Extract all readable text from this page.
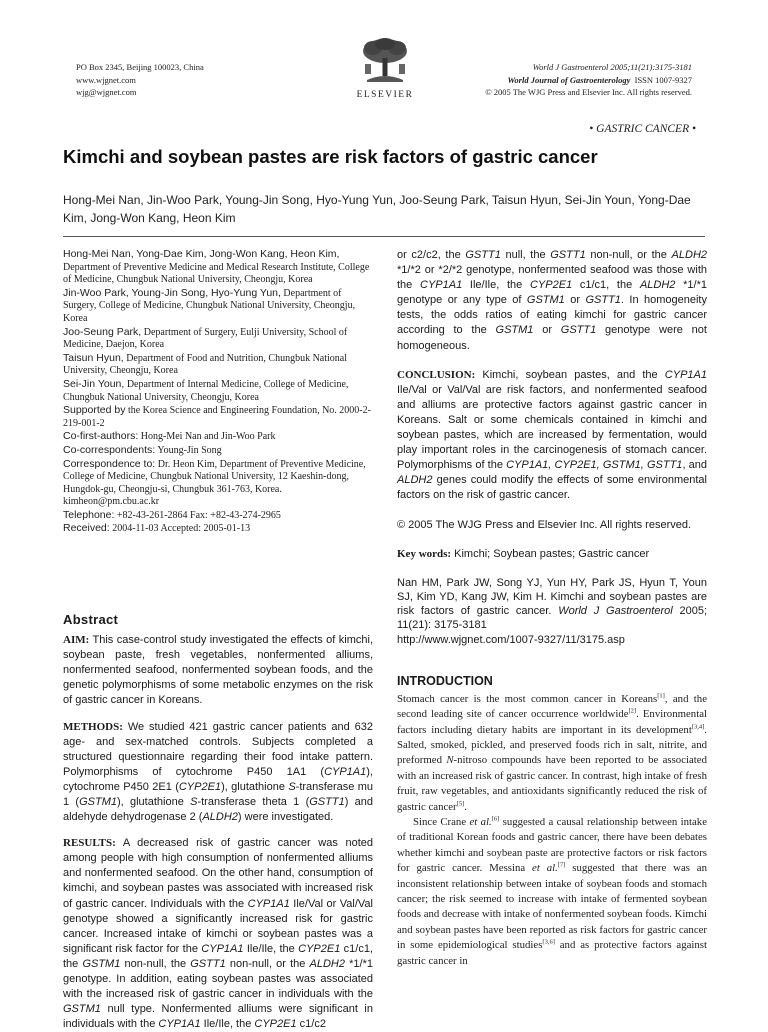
PO Box 2345, Beijing 100023, China
www.wjgnet.com
wjg@wjgnet.com	ELSEVIER
World J Gastroenterol 2005;11(21):3175-3181
World Journal of Gastroenterology ISSN 1007-9327
© 2005 The WJG Press and Elsevier Inc. All rights reserved.
• GASTRIC CANCER •
Kimchi and soybean pastes are risk factors of gastric cancer
Hong-Mei Nan, Jin-Woo Park, Young-Jin Song, Hyo-Yung Yun, Joo-Seung Park, Taisun Hyun, Sei-Jin Youn, Yong-Dae Kim, Jong-Won Kang, Heon Kim

Hong-Mei Nan, Yong-Dae Kim, Jong-Won Kang, Heon Kim, Department of Preventive Medicine and Medical Research Institute, College of Medicine, Chungbuk National University, Cheongju, Korea

Jin-Woo Park, Young-Jin Song, Hyo-Yung Yun, Department of Surgery, College of Medicine, Chungbuk National University, Cheongju, Korea

Joo-Seung Park, Department of Surgery, Eulji University, School of Medicine, Daejon, Korea

Taisun Hyun, Department of Food and Nutrition, Chungbuk National University, Cheongju, Korea

Sei-Jin Youn, Department of Internal Medicine, College of Medicine, Chungbuk National University, Cheongju, Korea

Supported by the Korea Science and Engineering Foundation, No. 2000-2-219-001-2

Co-first-authors: Hong-Mei Nan and Jin-Woo Park

Co-correspondents: Young-Jin Song

Correspondence to: Dr. Heon Kim, Department of Preventive Medicine, College of Medicine, Chungbuk National University, 12 Kaeshin-dong, Hungdok-gu, Cheongju-si, Chungbuk 361-763, Korea. kimheon@pm.cbu.ac.kr

Telephone: +82-43-261-2864 Fax: +82-43-274-2965

Received: 2004-11-03 Accepted: 2005-01-13

Abstract

AIM: This case-control study investigated the effects of kimchi, soybean paste, fresh vegetables, nonfermented alliums, nonfermented seafood, nonfermented soybean foods, and the genetic polymorphisms of some metabolic enzymes on the risk of gastric cancer in Koreans.

METHODS: We studied 421 gastric cancer patients and 632 age- and sex-matched controls. Subjects completed a structured questionnaire regarding their food intake pattern. Polymorphisms of cytochrome P450 1A1 (CYP1A1), cytochrome P450 2E1 (CYP2E1), glutathione S-transferase mu 1 (GSTM1), glutathione S-transferase theta 1 (GSTT1) and aldehyde dehydrogenase 2 (ALDH2) were investigated.

RESULTS: A decreased risk of gastric cancer was noted among people with high consumption of nonfermented alliums and nonfermented seafood. On the other hand, consumption of kimchi, and soybean pastes was associated with increased risk of gastric cancer. Individuals with the CYP1A1 Ile/Val or Val/Val genotype showed a significantly increased risk for gastric cancer. Increased intake of kimchi or soybean pastes was a significant risk factor for the CYP1A1 Ile/Ile, the CYP2E1 c1/c1, the GSTM1 non-null, the GSTT1 non-null, or the ALDH2 *1/*1 genotype. In addition, eating soybean pastes was associated with the increased risk of gastric cancer in individuals with the GSTM1 null type. Nonfermented alliums were significant in individuals with the CYP1A1 Ile/Ile, the CYP2E1 c1/c2

or c2/c2, the GSTT1 null, the GSTT1 non-null, or the ALDH2 *1/*2 or *2/*2 genotype, nonfermented seafood was those with the CYP1A1 Ile/Ile, the CYP2E1 c1/c1, the ALDH2 *1/*1 genotype or any type of GSTM1 or GSTT1. In homogeneity tests, the odds ratios of eating kimchi for gastric cancer according to the GSTM1 or GSTT1 genotype were not homogeneous.

CONCLUSION: Kimchi, soybean pastes, and the CYP1A1 Ile/Val or Val/Val are risk factors, and nonfermented seafood and alliums are protective factors against gastric cancer in Koreans. Salt or some chemicals contained in kimchi and soybean pastes, which are increased by fermentation, would play important roles in the carcinogenesis of stomach cancer. Polymorphisms of the CYP1A1, CYP2E1, GSTM1, GSTT1, and ALDH2 genes could modify the effects of some environmental factors on the risk of gastric cancer.

© 2005 The WJG Press and Elsevier Inc. All rights reserved.

Key words: Kimchi; Soybean pastes; Gastric cancer

Nan HM, Park JW, Song YJ, Yun HY, Park JS, Hyun T, Youn SJ, Kim YD, Kang JW, Kim H. Kimchi and soybean pastes are risk factors of gastric cancer. World J Gastroenterol 2005; 11(21): 3175-3181
http://www.wjgnet.com/1007-9327/11/3175.asp

INTRODUCTION
Stomach cancer is the most common cancer in Koreans[1], and the second leading site of cancer occurrence worldwide[2]. Environmental factors including dietary habits are important in its development[3,4]. Salted, smoked, pickled, and preserved foods rich in salt, nitrite, and preformed N-nitroso compounds have been reported to be associated with an increased risk of gastric cancer. In contrast, high intake of fresh fruit, raw vegetables, and antioxidants significantly reduced the risk of gastric cancer[5].
Since Crane et al.[6] suggested a causal relationship between intake of traditional Korean foods and gastric cancer, there have been debates whether kimchi and soybean paste are protective factors or risk factors for gastric cancer. Messina et al.[7] suggested that there was an inconsistent relationship between intake of soybean foods and stomach cancer; the risk seemed to increase with intake of fermented soybean foods and decrease with intake of nonfermented soybean foods. Kimchi and soybean pastes have been reported as risk factors for gastric cancer in some epidemiological studies[3,6] and as protective factors against gastric cancer in
